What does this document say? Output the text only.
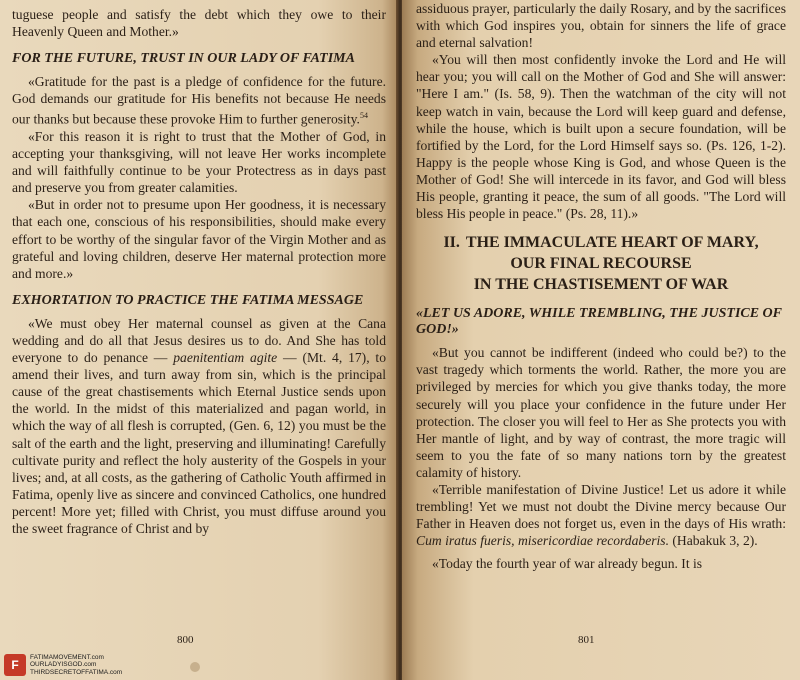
tuguese people and satisfy the debt which they owe to their Heavenly Queen and Mother.»

FOR THE FUTURE, TRUST IN OUR LADY OF FATIMA

«Gratitude for the past is a pledge of confidence for the future. God demands our gratitude for His benefits not because He needs our thanks but because these provoke Him to further generosity.$^{54}$

«For this reason it is right to trust that the Mother of God, in accepting your thanksgiving, will not leave Her works incomplete and will faithfully continue to be your Protectress as in days past and preserve you from greater calamities.

«But in order not to presume upon Her goodness, it is necessary that each one, conscious of his responsibilities, should make every effort to be worthy of the singular favor of the Virgin Mother and as grateful and loving children, deserve Her maternal protection more and more.»

EXHORTATION TO PRACTICE THE FATIMA MESSAGE

«We must obey Her maternal counsel as given at the Cana wedding and do all that Jesus desires us to do. And She has told everyone to do penance — paenitentiam agite — (Mt. 4, 17), to amend their lives, and turn away from sin, which is the principal cause of the great chastisements which Eternal Justice sends upon the world. In the midst of this materialized and pagan world, in which the way of all flesh is corrupted, (Gen. 6, 12) you must be the salt of the earth and the light, preserving and illuminating! Carefully cultivate purity and reflect the holy austerity of the Gospels in your lives; and, at all costs, as the gathering of Catholic Youth affirmed in Fatima, openly live as sincere and convinced Catholics, one hundred percent! More yet; filled with Christ, you must diffuse around you the sweet fragrance of Christ and by

800

assiduous prayer, particularly the daily Rosary, and by the sacrifices with which God inspires you, obtain for sinners the life of grace and eternal salvation!

«You will then most confidently invoke the Lord and He will hear you; you will call on the Mother of God and She will answer: "Here I am." (Is. 58, 9). Then the watchman of the city will not keep watch in vain, because the Lord will keep guard and defense, while the house, which is built upon a secure foundation, will be fortified by the Lord, for the Lord Himself says so. (Ps. 126, 1-2). Happy is the people whose King is God, and whose Queen is the Mother of God! She will intercede in its favor, and God will bless His people, granting it peace, the sum of all goods. "The Lord will bless His people in peace." (Ps. 28, 11).»

II. THE IMMACULATE HEART OF MARY,
OUR FINAL RECOURSE
IN THE CHASTISEMENT OF WAR
«LET US ADORE, WHILE TREMBLING, THE JUSTICE OF GOD!»

«But you cannot be indifferent (indeed who could be?) to the vast tragedy which torments the world. Rather, the more you are privileged by mercies for which you give thanks today, the more securely will you place your confidence in the future under Her protection. The closer you will feel to Her as She protects you with Her mantle of light, and by way of contrast, the more tragic will seem to you the fate of so many nations torn by the greatest calamity of history.

«Terrible manifestation of Divine Justice! Let us adore it while trembling! Yet we must not doubt the Divine mercy because Our Father in Heaven does not forget us, even in the days of His wrath: Cum iratus fueris, misericordiae recordaberis. (Habakuk 3, 2).

«Today the fourth year of war already begun. It is

801
F
FATIMAMOVEMENT.com
OURLADYISGOD.com
THIRDSECRETOFFATIMA.com
